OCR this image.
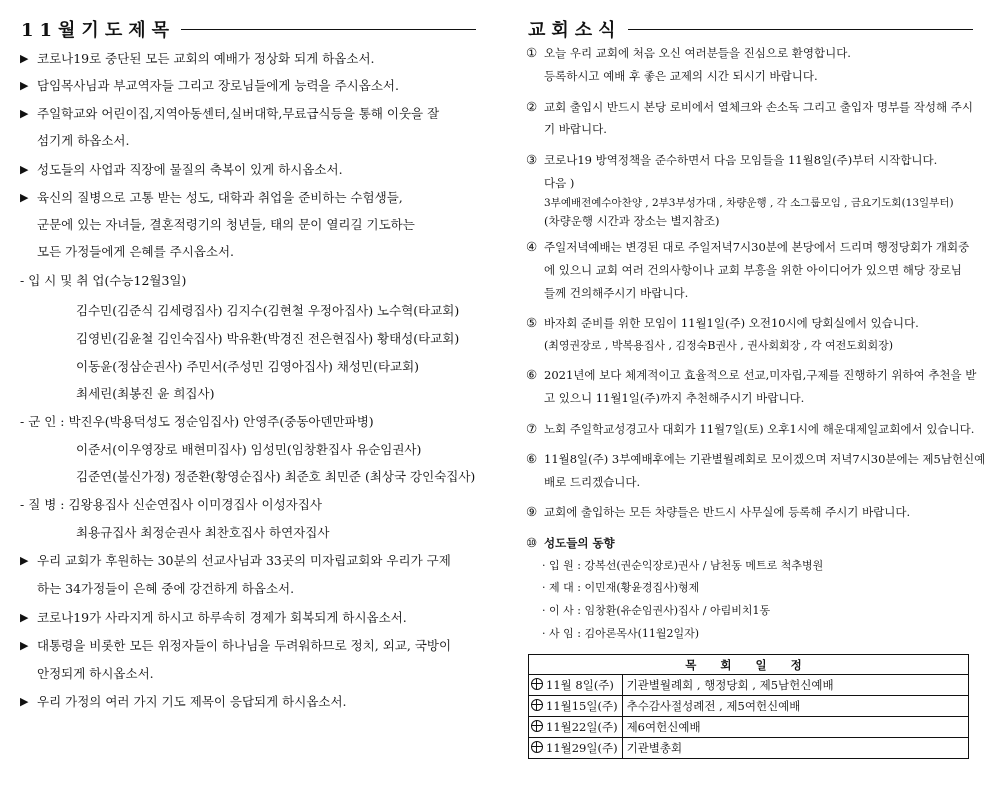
11월기도제목
▶ 코로나19로 중단된 모든 교회의 예배가 정상화 되게 하옵소서.
▶ 담임목사님과 부교역자들 그리고 장로님들에게 능력을 주시옵소서.
▶ 주일학교와 어린이집,지역아동센터,실버대학,무료급식등을 통해 이웃을 잘
섬기게 하옵소서.
▶ 성도들의 사업과 직장에 물질의 축복이 있게 하시옵소서.
▶ 육신의 질병으로 고통 받는 성도, 대학과 취업을 준비하는 수험생들,
군문에 있는 자녀들, 결혼적령기의 청년들, 태의 문이 열리길 기도하는
모든 가정들에게 은혜를 주시옵소서.
- 입 시 및 취 업(수능12월3일)
김수민(김준식 김세령집사) 김지수(김현철 우정아집사) 노수혁(타교회)
김영빈(김윤철 김인숙집사) 박유환(박경진 전은현집사) 황태성(타교회)
이동윤(정삼순권사) 주민서(주성민 김영아집사) 채성민(타교회)
최세린(최봉진 윤 희집사)
- 군 인 : 박진우(박용덕성도 정순임집사) 안영주(중동아덴만파병)
이준서(이우영장로 배현미집사) 임성민(임창환집사 유순임권사)
김준연(불신가정) 정준환(황영순집사) 최준호 최민준 (최상국 강인숙집사)
- 질 병 : 김왕용집사 신순연집사 이미경집사 이성자집사
최용규집사 최정순권사 최찬호집사 하연자집사
▶ 우리 교회가 후원하는 30분의 선교사님과 33곳의 미자립교회와 우리가 구제
하는 34가정들이 은혜 중에 강건하게 하옵소서.
▶ 코로나19가 사라지게 하시고 하루속히 경제가 회복되게 하시옵소서.
▶ 대통령을 비롯한 모든 위정자들이 하나님을 두려워하므로 정치, 외교, 국방이
안정되게 하시옵소서.
▶ 우리 가정의 여러 가지 기도 제목이 응답되게 하시옵소서.
교회소식
① 오늘 우리 교회에 처음 오신 여러분들을 진심으로 환영합니다.
등록하시고 예배 후 좋은 교제의 시간 되시기 바랍니다.
② 교회 출입시 반드시 본당 로비에서 열체크와 손소독 그리고 출입자 명부를 작성해 주시
기 바랍니다.
③ 코로나19 방역정책을 준수하면서 다음 모임들을 11월8일(주)부터 시작합니다.
다음 )
3부예배전예수아찬양 , 2부3부성가대 , 차량운행 , 각 소그룹모임 , 금요기도회(13일부터)
(차량운행 시간과 장소는 별지참조)
④ 주일저녁예배는 변경된 대로 주일저녁7시30분에 본당에서 드리며 행정당회가 개회중
에 있으니 교회 여러 건의사항이나 교회 부흥을 위한 아이디어가 있으면 해당 장로님
들께 건의해주시기 바랍니다.
⑤ 바자회 준비를 위한 모임이 11월1일(주) 오전10시에 당회실에서 있습니다.
(최영권장로 , 박복용집사 , 김정숙B권사 , 권사회회장 , 각 여전도회회장)
⑥ 2021년에 보다 체계적이고 효율적으로 선교,미자립,구제를 진행하기 위하여 추천을 받
고 있으니 11월1일(주)까지 추천해주시기 바랍니다.
⑦ 노회 주일학교성경고사 대회가 11월7일(토) 오후1시에 해운대제일교회에서 있습니다.
⑥ 11월8일(주) 3부예배후에는 기관별월례회로 모이겠으며 저녁7시30분에는 제5남헌신예
배로 드리겠습니다.
⑨ 교회에 출입하는 모든 차량들은 반드시 사무실에 등록해 주시기 바랍니다.
⑩ 성도들의 동향
· 입 원 : 강복선(권순익장로)권사 / 남천동 메트로 척추병원
· 제 대 : 이민재(황윤경집사)형제
· 이 사 : 임창환(유순임권사)집사 / 아림비치1동
· 사 임 : 김아론목사(11월2일자)
목 회 일 정	
11월 8일(주)	기관별월례회 , 행정당회 , 제5남헌신예배
11월15일(주)	추수감사절성례전 , 제5여헌신예배
11월22일(주)	제6여헌신예배
11월29일(주)	기관별총회
